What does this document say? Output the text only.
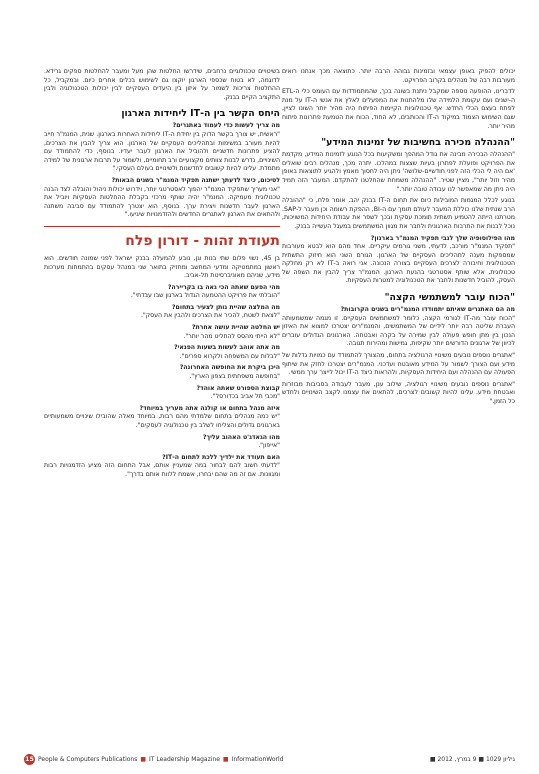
יכולים להפיק באופן עצמאי ובזמינות גבוהה הרבה יותר. כתוצאה מכך אנחנו רואים מעורבות רבה של מנהלים בקרוב הפרויקט.
לדברינו, ההופעה נוספה שמקבל ניתנת בשונה בכך, שהמתמודדות עם העומס כלי ה-ETL ה-ישנים ועם עקומת הלמידה שלו מלהתנות את המפעלים לאלץ את אנשי ה-IT על מנת לפתח בעצם הכלי החדש. אף טכנולוגיות הקיימות הפיתוח היה מהיר יותר השונו לציין, שגם השימוש הצמוד במיקוד ה-IT והכותבים, לא החוד, הכוח את הטמעת פתרונות פיתוח מהיר יותר.
"ההנהלה מכירה בחשיבות של זמינות המידע"
"ההנהלה הבכירה מבינה את גודל המהפך ומשקיעות בכל הנוגע לזמינות המידע, מקדמת את הפרויקט ופועלת לפתרון בעיות שצצות במהלכו. יתרה מכך, מנהלים רבים שואלים 'אם היה לי הכלי הזה לפני חודשיים-שלושה' ניתן היה לחסוך מאמץ ולהגיע לתוצאות באופן מהיר וזול יותר", מציין שטיר. "ההנהלה משמחת שהחלטנו להתקדם. המעבר הזה תמיד היה ניתן מה שמאפשר לנו עבודה טובה יותר."
בנוגע לכלל המגמות המובילות כיום את תחום ה-IT בבנק יהב, אומר פלח, כי "ההובלה הרב שנתית שלנו כוללת המעבר לעולם תומך עם ה-BI, ההפקת רשומה וכן מעבר ל-SAP. מטרתנו הייתה להטמיע תשתית תומכת עסקית ובכך לשפר את עבודת היחידות המשויכות, נוכל לבנות את התרבות הארגונית ולחבר את מגוון המשתמשים במעגל העשייה בבנק.
מהו הפילוסופיה שלך לגבי תפקיד המנמ"ר בארגון?
"תפקיד המנמ"ר מורכב, לדעתי, משני גורמים עיקריים. אחד מהם הוא לבטא מעורבות שמספקות מענה לתהליכים העסקיים של הארגון. הגורם השני הוא חיזוק התשתית הטכנולוגית וחיבורה לצרכים העסקיים בצורה הנכונה. אני רואה ב-IT לא רק מחלקה טכנולוגית, אלא שותף אסטרטגי בהנעת הארגון. המנמ"ר צריך להבין את השפה של העסק, להוביל חדשנות ולחבר את הטכנולוגיה למטרות העסקיות.
"הכוח עובר למשתמשי הקצה"
מה הם האתגרים שאיתם יתמודדו המנמ"רים בשנים הקרובות?
"הכוח עובר מה-IT לגורמי הקצה, כלומר למשתמשים העסקיים. זו מגמה שמשמעותה העברת שליטה רבה יותר לידיים של המשתמשים, והמנמ"רים יצטרכו למצוא את האיזון הנכון בין מתן חופש פעולה לבין שמירה על בקרה ואבטחה. הארגונים הגדולים עוברים לכיוון של ארגונים הדורשים יותר שקיפות, גמישות ומהירות תגובה.
"אתגרים נוספים נובעים משינויי הרגולציה בתחום, מהצורך להתמודד עם כמויות גדלות של מידע ועם הצורך לשמור על המידע מאובטח ועדכני. המנמ"רים יצטרכו לחזק את שיתוף הפעולה עם ההנהלה ועם היחידות העסקיות, ולהראות כיצד ה-IT יכול לייצר ערך ממשי.
"אתגרים נוספים נובעים משינויי רגולציה, שילוב ענן, מעבר לעבודה בסביבות מבוזרות ואבטחת מידע. עלינו להיות קשובים לצרכים, להתאים את עצמנו לקצב השינויים ולחדש כל הזמן."
בשיטויים טכנולוגיים נרחבים, שידרשו החלטות שהן מעל ומעבר להחלטות ספקים גרידא. לדוגמה, לא בטוח שכספי הארגון יוקצו גם לשימוש בכלים אחרים כיום. ובמקביל, כל ההחלטות צריכות לשמור על איזון בין היעדים העסקיים לבין יכולות הטכנולוגיה ולבין התקציב הקיים בבנק.
היחס הקשר בין ה-IT ליחידות הארגון
מה צריך לעשות כדי לעמוד באתגרים?
"ראשית, יש צורך בקשר הדוק בין יחידת ה-IT ליחידות האחרות בארגון. שנית, המנמ"ר חייב להיות מעורב במשימות ובתהליכים העסקיים של הארגון. הוא צריך להבין את הצרכים, להציע פתרונות חדשניים ולהוביל את הארגון לעבר יעדיו. בנוסף, כדי להתמודד עם השינויים, נדרש לבנות צוותים מקצועיים ורב תחומיים, ולשמור על תרבות ארגונית של למידה מתמדת. עלינו להיות קשובים לחדשנות ולשינויים בעולם העסקי."
לסיכום, כיצד לדעתך ישתנה תפקיד המנמ"ר בשנים הבאות?
"אני מעריך שתפקיד המנמ"ר יהפוך לאסטרטגי יותר, וידרוש יכולות ניהול והובלה לצד הבנה טכנולוגית מעמיקה. המנמ"ר יהיה שותף מרכזי בקבלת ההחלטות העסקיות ויוביל את הארגון לעבר חדשנות ויצירת ערך. בנוסף, הוא יצטרך להתמודד עם סביבה משתנה ולהתאים את הארגון לאתגרים החדשים ולהזדמנויות שיגיעו."
תעודת זהות - דורון פלח
בן 45, נשוי פלום שתי בנות וגן, נובע להמעלה בבנק ישראל לפני שמונה חודשים. הוא ראשון במתמטיקה ומדעי המחשב ומחזיק בתואר שני במנהל עסקים בהתמחות מערכות מידע, שניהם מאוניברסיטת תל-אביב.
מהי הפעם שאתה הכי גאה בו בקריירה?
"הובלתי את פרויקט ההטמעה הגדול בארגון שבו עבדתי".
מה המלצה שהיית נותן לצעיר בתחום?
"לצאת לשטח, להכיר את הצרכים ולהבין את העסק".
יש החלטה שהיית עושה אחרת?
"לא הייתי מהסס להחליט מהר יותר".
מה אתה אוהב לעשות בשעות הפנאי?
"לבלות עם המשפחה ולקרוא ספרים".
היכן ביקרת את החופשה האחרונה?
"בחופשה משפחתית בצפון הארץ".
קבוצת הספורט שאתה אוהד?
"מכבי תל אביב בכדורסל".
איזה מנהל בתחום או קולגה אתה מעריך במיוחד?
"יש כמה מנהלים בתחום שלמדתי מהם רבות, במיוחד מאלה שהובילו שינויים משמעותיים בארגונים גדולים והצליחו לשלב בין טכנולוגיה לעסקים".
מהו הגאדג'ט האהוב עליך?
"אייפון".
האם תעודד את ילדיך ללכת לתחום ה-IT?
"לדעתי חשוב להם לבחור במה שמעניין אותם, אבל התחום הזה מציע הזדמנויות רבות ומגוונות. אם זה מה שהם יבחרו, אשמח ללוות אותם בדרך".
15 People & Computers Publications ■ IT Leadership Magazine ■ InformationWorld	גיליון 1029 ■ 9 במרץ, 2012 ■
